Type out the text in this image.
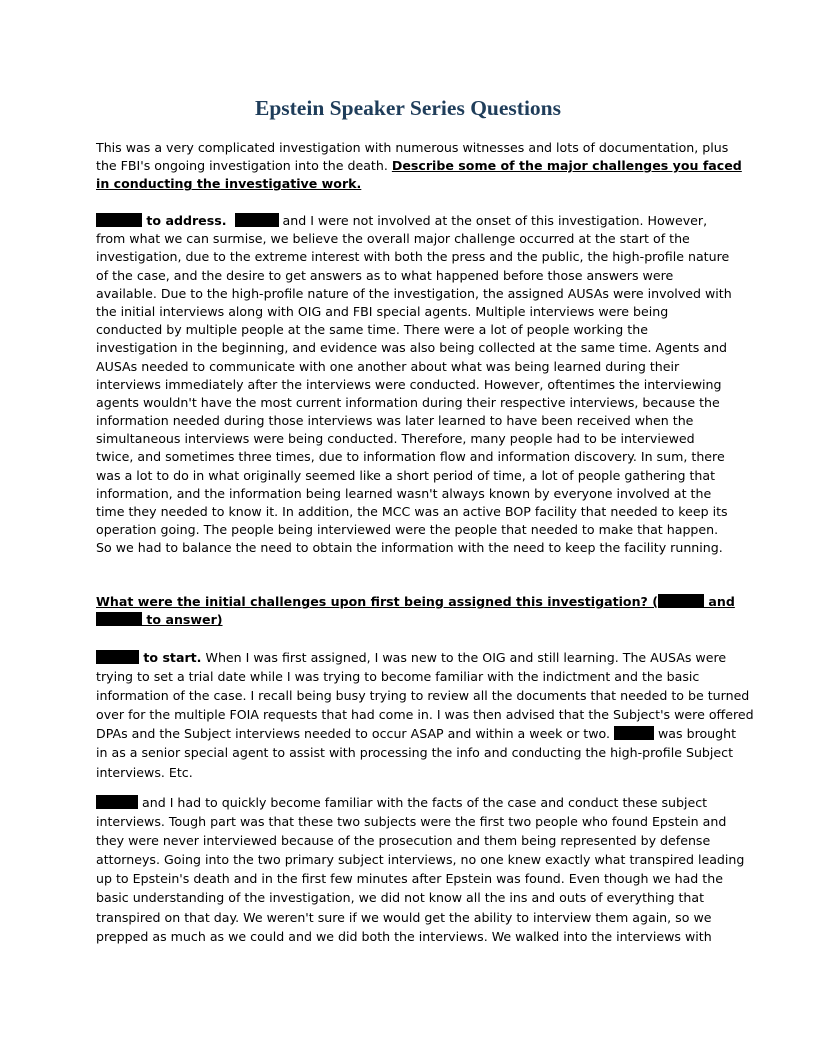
Epstein Speaker Series Questions
This was a very complicated investigation with numerous witnesses and lots of documentation, plus
the FBI's ongoing investigation into the death. Describe some of the major challenges you faced
in conducting the investigative work.
to address.	and I were not involved at the onset of this investigation. However,
from what we can surmise, we believe the overall major challenge occurred at the start of the
investigation, due to the extreme interest with both the press and the public, the high-profile nature
of the case, and the desire to get answers as to what happened before those answers were
available. Due to the high-profile nature of the investigation, the assigned AUSAs were involved with
the initial interviews along with OIG and FBI special agents. Multiple interviews were being
conducted by multiple people at the same time. There were a lot of people working the
investigation in the beginning, and evidence was also being collected at the same time. Agents and
AUSAs needed to communicate with one another about what was being learned during their
interviews immediately after the interviews were conducted. However, oftentimes the interviewing
agents wouldn't have the most current information during their respective interviews, because the
information needed during those interviews was later learned to have been received when the
simultaneous interviews were being conducted. Therefore, many people had to be interviewed
twice, and sometimes three times, due to information flow and information discovery. In sum, there
was a lot to do in what originally seemed like a short period of time, a lot of people gathering that
information, and the information being learned wasn't always known by everyone involved at the
time they needed to know it. In addition, the MCC was an active BOP facility that needed to keep its
operation going. The people being interviewed were the people that needed to make that happen.
So we had to balance the need to obtain the information with the need to keep the facility running.
What were the initial challenges upon first being assigned this investigation? (	and
to answer)
to start. When I was first assigned, I was new to the OIG and still learning. The AUSAs were
trying to set a trial date while I was trying to become familiar with the indictment and the basic
information of the case. I recall being busy trying to review all the documents that needed to be turned
over for the multiple FOIA requests that had come in. I was then advised that the Subject's were offered
DPAs and the Subject interviews needed to occur ASAP and within a week or two.	was brought
in as a senior special agent to assist with processing the info and conducting the high-profile Subject
interviews. Etc.
and I had to quickly become familiar with the facts of the case and conduct these subject
interviews. Tough part was that these two subjects were the first two people who found Epstein and
they were never interviewed because of the prosecution and them being represented by defense
attorneys. Going into the two primary subject interviews, no one knew exactly what transpired leading
up to Epstein's death and in the first few minutes after Epstein was found. Even though we had the
basic understanding of the investigation, we did not know all the ins and outs of everything that
transpired on that day. We weren't sure if we would get the ability to interview them again, so we
prepped as much as we could and we did both the interviews. We walked into the interviews with
